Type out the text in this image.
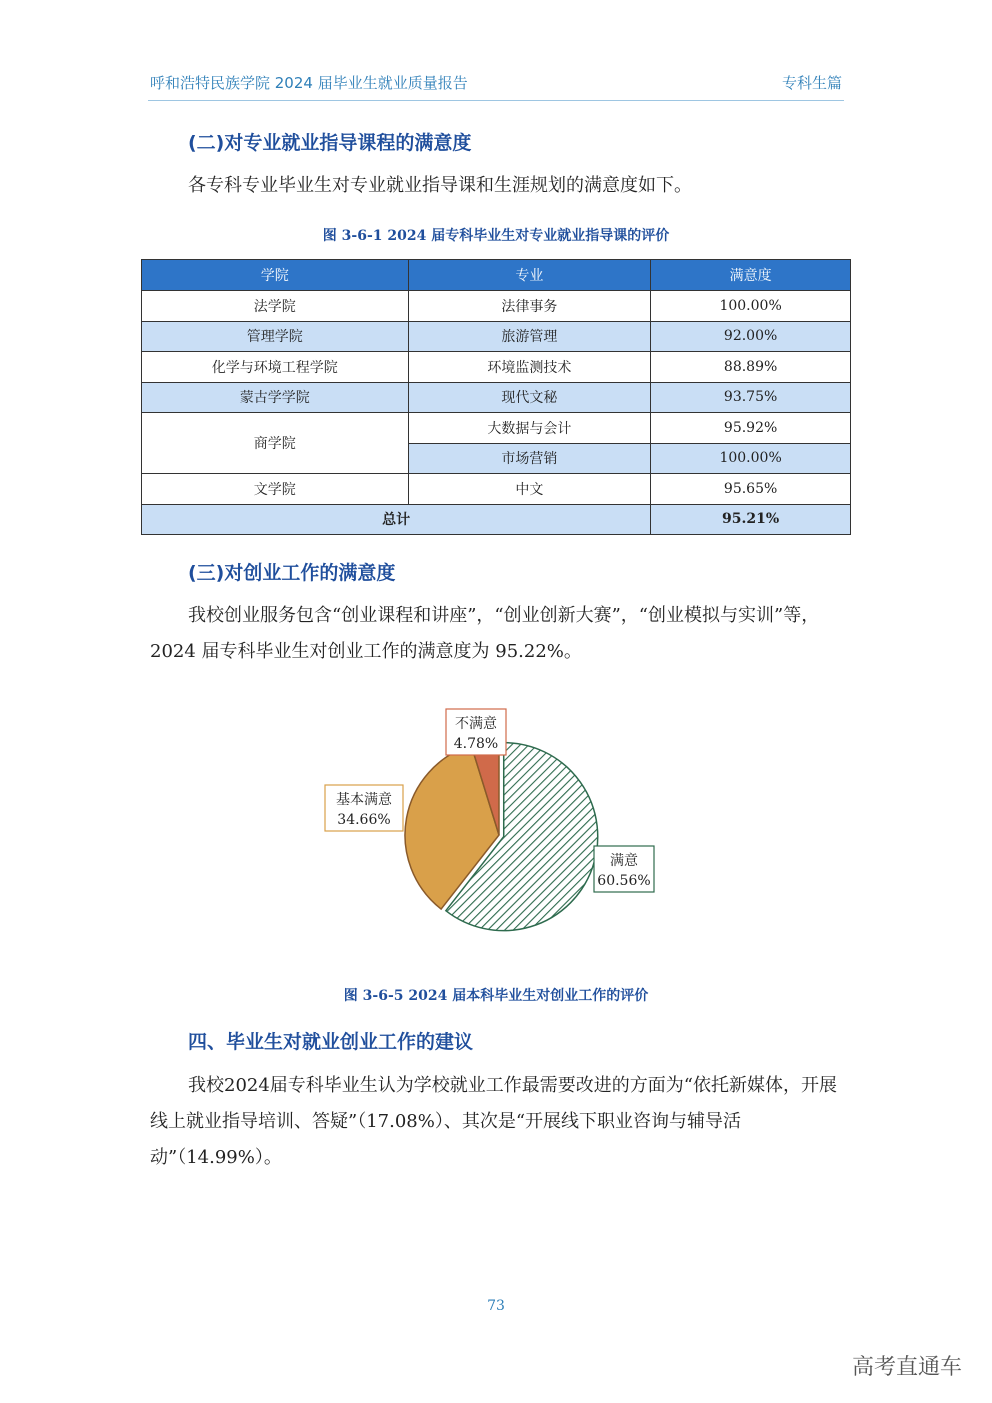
呼和浩特民族学院 2024 届毕业生就业质量报告	专科生篇
(二)对专业就业指导课程的满意度

各专科专业毕业生对专业就业指导课和生涯规划的满意度如下。

图 3-6-1 2024 届专科毕业生对专业就业指导课的评价
学院	专业	满意度
法学院	法律事务	100.00%
管理学院	旅游管理	92.00%
化学与环境工程学院	环境监测技术	88.89%
蒙古学学院	现代文秘	93.75%
商学院	大数据与会计	95.92%
	市场营销	100.00%
文学院	中文	95.65%
总计		95.21%
(三)对创业工作的满意度

我校创业服务包含“创业课程和讲座”，“创业创新大赛”，“创业模拟与实训”等，2024 届专科毕业生对创业工作的满意度为 95.22%。

满意
60.56%
基本满意
34.66%
不满意
4.78%
图 3-6-5 2024 届本科毕业生对创业工作的评价
四、毕业生对就业创业工作的建议

我校2024届专科毕业生认为学校就业工作最需要改进的方面为“依托新媒体，开展线上就业指导培训、答疑”（17.08%）、其次是“开展线下职业咨询与辅导活动”（14.99%）。

73
高考直通车
